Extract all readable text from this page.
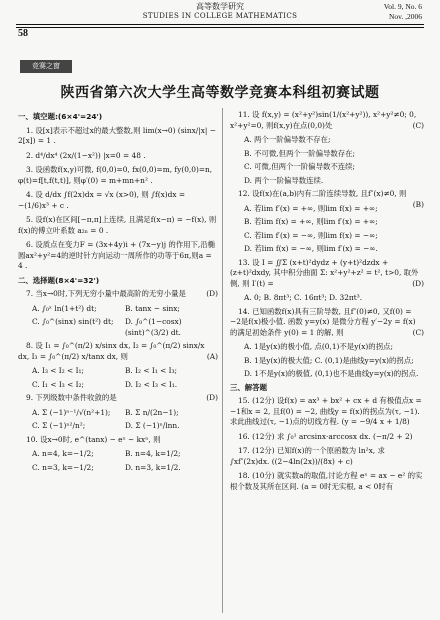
58
高等数学研究
STUDIES IN COLLEGE MATHEMATICS
Vol. 9, No. 6
Nov. ,2006
竞赛之窗
陕西省第六次大学生高等数学竞赛本科组初赛试题
一、填空题:(6×4'=24')
1. 设[x]表示不超过x的最大整数,则 lim(x→0) (sinx/|x| − 2[x]) = 1 .
2. d⁴/dx⁴ (2x/(1−x²)) |x=0 = 48 .
3. 设函数f(x,y)可微, f(0,0)=0, fx(0,0)=m, fy(0,0)=n, φ(t)=f[t,f(t,t)], 则φ′(0) = m+mn+n² .
4. 设 d/dx ∫f(2x)dx = √x (x>0), 则 ∫f(x)dx = −(1/6)x³ + c .
5. 设f(x)在区间[−π,π]上连续, 且满足f(x−π) = −f(x), 则f(x)的傅立叶系数 a₂ₙ = 0 .
6. 设质点在变力F = (3x+4y)i + (7x−y)j 的作用下,沿椭圆ax²+y²=4的逆时针方向运动一周所作的功等于6π,则a = 4 .
二、选择题(8×4'=32')
7. 当x→0时,下列无穷小量中最高阶的无穷小量是	(D)
A. ∫₀ˣ ln(1+t²) dt;	B. tanx − sinx;
C. ∫₀^(sinx) sin(t²) dt;	D. ∫₀^(1−cosx) (sint)^(3/2) dt.
8. 设 I₁ = ∫₀^(π/2) x/sinx dx, I₂ = ∫₀^(π/2) sinx/x dx, I₃ = ∫₀^(π/2) x/tanx dx, 则	(A)
A. I₃ < I₂ < I₁;	B. I₂ < I₁ < I₃;
C. I₁ < I₃ < I₂;	D. I₂ < I₃ < I₁.
9. 下列级数中条件收敛的是	(D)
A. Σ (−1)ⁿ⁻¹/√(n²+1);	B. Σ n/(2n−1);
C. Σ (−1)ⁿ²/n²;	D. Σ (−1)ⁿ/lnn.
10. 设x→0时, e^(tanx) − eˣ ~ kxⁿ, 则
A. n=4, k=−1/2;	B. n=4, k=1/2;
C. n=3, k=−1/2;	D. n=3, k=1/2.
11. 设 f(x,y) = (x²+y²)sin(1/(x²+y²)), x²+y²≠0; 0, x²+y²=0, 则f(x,y)在点(0,0)处	(C)
A. 两个一阶偏导数不存在;
B. 不可微,但两个一阶偏导数存在;
C. 可微,但两个一阶偏导数不连续;
D. 两个一阶偏导数连续.
12. 设f(x)在(a,b)内有二阶连续导数, 且f″(x)≠0, 则
(B)
A. 若lim f′(x) = +∞, 则lim f(x) = +∞;
B. 若lim f(x) = +∞, 则lim f′(x) = +∞;
C. 若lim f′(x) = −∞, 则lim f(x) = −∞;
D. 若lim f(x) = −∞, 则lim f′(x) = −∞.
13. 设 I = ∬Σ (x+t)²dydz + (y+t)²dzdx + (z+t)²dxdy, 其中积分曲面 Σ: x²+y²+z² = t², t>0, 取外侧, 则 I′(t) =	(D)
A. 0; B. 8πt³; C. 16πt³; D. 32πt³.
14. 已知函数f(x)具有三阶导数, 且f″(0)≠0, 又f(0) = −2是f(x)极小值. 函数 y=y(x) 是微分方程 y′−2y = f(x) 的满足初始条件 y(0) = 1 的解, 则	(C)
A. 1是y(x)的极小值, 点(0,1)不是y(x)的拐点;
B. 1是y(x)的极大值; C. (0,1)是曲线y=y(x)的拐点;
D. 1不是y(x)的极值, (0,1)也不是曲线y=y(x)的拐点.
三、解答题
15. (12分) 设f(x) = ax³ + bx² + cx + d 有极值点x = −1和x = 2, 且f(0) = −2, 曲线y = f(x)的拐点为(τ, −1). 求此曲线过(τ, −1)点的切线方程. (y = −9/4 x + 1/8)
16. (12分) 求 ∫₀¹ arcsinx·arccosx dx. (−π/2 + 2)
17. (12分) 已知f(x)的一个原函数为 ln²x, 求 ∫xf″(2x)dx. ((2−4ln(2x))/(8x) + c)
18. (10分) 就实数a的取值,讨论方程 eˣ = ax − e² 的实根个数及其所在区间. (a = 0时无实根, a < 0时有
